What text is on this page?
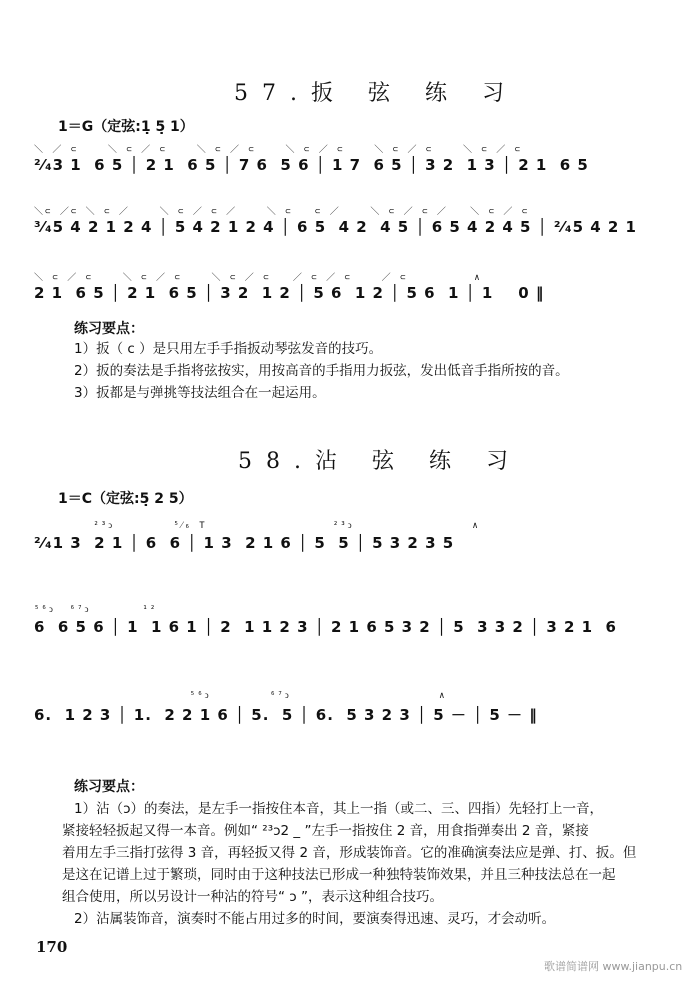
57.扳 弦 练 习
1＝G（定弦:1̣ 5̣ 1）
＼ ／ ⊂    ＼ ⊂ ／ ⊂    ＼ ⊂ ／ ⊂    ＼ ⊂ ／ ⊂    ＼ ⊂ ／ ⊂    ＼ ⊂ ／ ⊂
²⁄₄3 1  6 5 │ 2 1  6 5 │ 7 6  5 6 │ 1 7  6 5 │ 3 2  1 3 │ 2 1  6 5
＼⊂ ／⊂ ＼ ⊂ ／    ＼ ⊂ ／ ⊂ ／    ＼ ⊂   ⊂ ／    ＼ ⊂ ／ ⊂ ／   ＼ ⊂ ／ ⊂
³⁄₄5 4 2 1 2 4 │ 5 4 2 1 2 4 │ 6 5  4 2  4 5 │ 6 5 4 2 4 5 │ ²⁄₄5 4 2 1
＼ ⊂ ／ ⊂    ＼ ⊂ ／ ⊂    ＼ ⊂ ／ ⊂   ／ ⊂ ／ ⊂    ／ ⊂         ∧
2 1  6 5 │ 2 1  6 5 │ 3 2  1 2 │ 5 6  1 2 │ 5 6  1 │ 1    0 ‖
练习要点：
1）扳（ c ）是只用左手手指扳动琴弦发音的技巧。
2）扳的奏法是手指将弦按实，用按高音的手指用力扳弦，发出低音手指所按的音。
3）扳都是与弹挑等技法组合在一起运用。
58.沾 弦 练 习
1＝C（定弦:5̣ 2 5）
²³ↄ        ⁵⁄₆ T                 ²³ↄ                ∧
²⁄₄1 3  2 1 │ 6  6 │ 1 3  2 1 6 │ 5  5 │ 5 3 2 3 5
⁵⁶ↄ  ⁶⁷ↄ       ¹²
6  6 5 6 │ 1  1 6 1 │ 2  1 1 2 3 │ 2 1 6 5 3 2 │ 5  3 3 2 │ 3 2 1  6
⁵⁶ↄ        ⁶⁷ↄ                    ∧
6.  1 2 3 │ 1.  2 2 1 6 │ 5.  5 │ 6.  5 3 2 3 │ 5 － │ 5 － ‖
练习要点：
1）沾（ↄ）的奏法，是左手一指按住本音，其上一指（或二、三、四指）先轻打上一音，
紧接轻轻扳起又得一本音。例如“ ²³ↄ2 _ ”左手一指按住 2 音，用食指弹奏出 2 音，紧接
着用左手三指打弦得 3 音，再轻扳又得 2 音，形成装饰音。它的准确演奏法应是弹、打、扳。但
是这在记谱上过于繁琐，同时由于这种技法已形成一种独特装饰效果，并且三种技法总在一起
组合使用，所以另设计一种沾的符号“ ↄ ”，表示这种组合技巧。
2）沾属装饰音，演奏时不能占用过多的时间，要演奏得迅速、灵巧，才会动听。
170
歌谱简谱网 www.jianpu.cn
